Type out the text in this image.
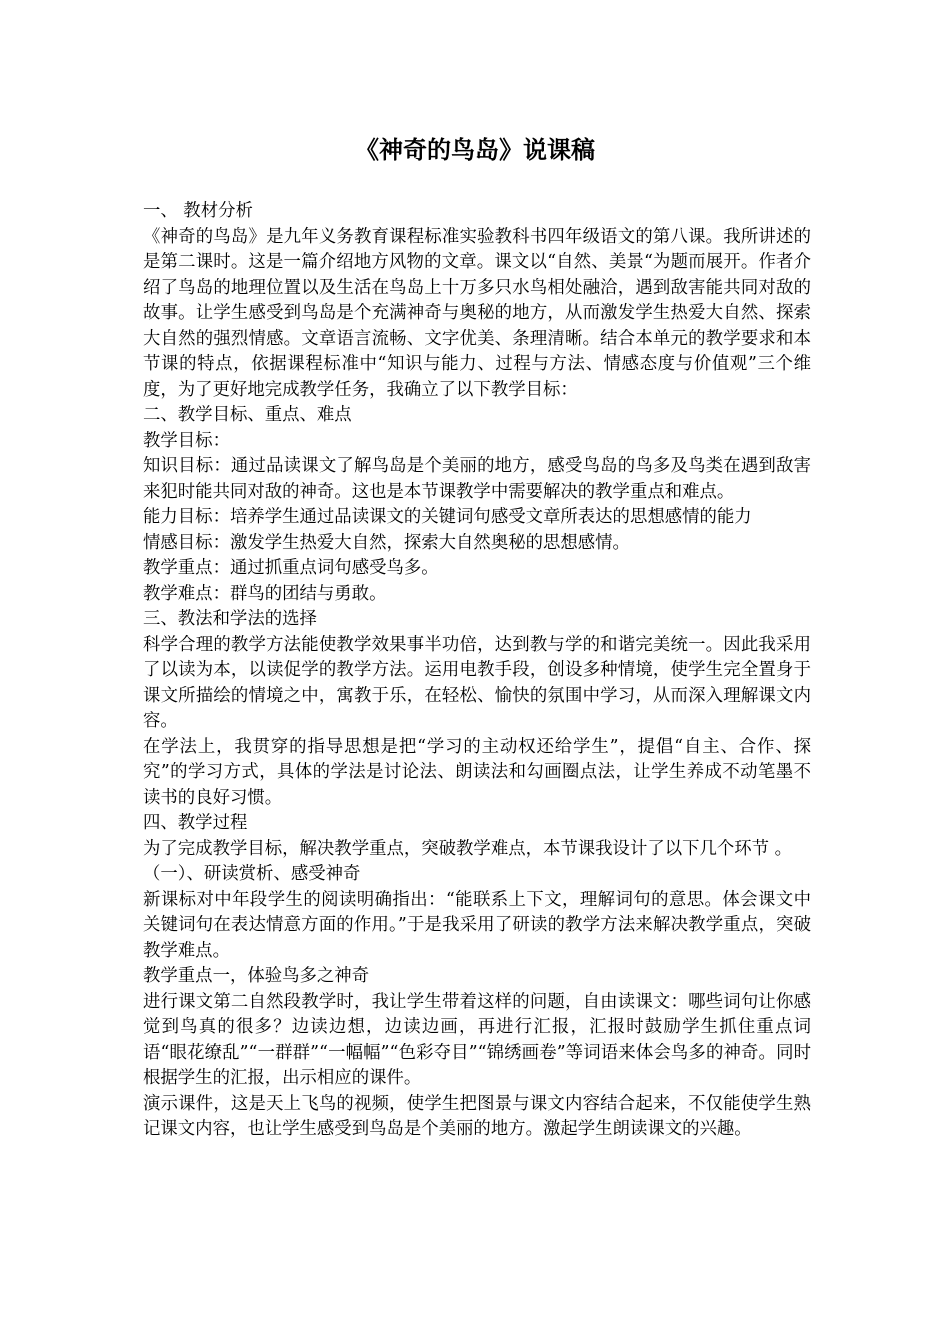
《神奇的鸟岛》说课稿

一、 教材分析

《神奇的鸟岛》是九年义务教育课程标准实验教科书四年级语文的第八课。我所讲述的是第二课时。这是一篇介绍地方风物的文章。课文以“自然、美景“为题而展开。作者介绍了鸟岛的地理位置以及生活在鸟岛上十万多只水鸟相处融洽，遇到敌害能共同对敌的故事。让学生感受到鸟岛是个充满神奇与奥秘的地方，从而激发学生热爱大自然、探索大自然的强烈情感。文章语言流畅、文字优美、条理清晰。结合本单元的教学要求和本节课的特点，依据课程标准中“知识与能力、过程与方法、情感态度与价值观”三个维度，为了更好地完成教学任务，我确立了以下教学目标：

二、教学目标、重点、难点

教学目标：

知识目标：通过品读课文了解鸟岛是个美丽的地方，感受鸟岛的鸟多及鸟类在遇到敌害来犯时能共同对敌的神奇。这也是本节课教学中需要解决的教学重点和难点。

能力目标：培养学生通过品读课文的关键词句感受文章所表达的思想感情的能力

情感目标：激发学生热爱大自然，探索大自然奥秘的思想感情。

教学重点：通过抓重点词句感受鸟多。

教学难点：群鸟的团结与勇敢。

三、教法和学法的选择

科学合理的教学方法能使教学效果事半功倍，达到教与学的和谐完美统一。因此我采用了以读为本，以读促学的教学方法。运用电教手段，创设多种情境，使学生完全置身于课文所描绘的情境之中，寓教于乐，在轻松、愉快的氛围中学习，从而深入理解课文内容。

在学法上，我贯穿的指导思想是把“学习的主动权还给学生”，提倡“自主、合作、探究”的学习方式，具体的学法是讨论法、朗读法和勾画圈点法，让学生养成不动笔墨不读书的良好习惯。

四、教学过程

为了完成教学目标，解决教学重点，突破教学难点，本节课我设计了以下几个环节 。

（一）、研读赏析、感受神奇

新课标对中年段学生的阅读明确指出：“能联系上下文，理解词句的意思。体会课文中关键词句在表达情意方面的作用。”于是我采用了研读的教学方法来解决教学重点，突破教学难点。

教学重点一，体验鸟多之神奇

进行课文第二自然段教学时，我让学生带着这样的问题，自由读课文：哪些词句让你感觉到鸟真的很多？边读边想，边读边画，再进行汇报，汇报时鼓励学生抓住重点词语“眼花缭乱”“一群群”“一幅幅”“色彩夺目”“锦绣画卷”等词语来体会鸟多的神奇。同时根据学生的汇报，出示相应的课件。

演示课件，这是天上飞鸟的视频，使学生把图景与课文内容结合起来，不仅能使学生熟记课文内容，也让学生感受到鸟岛是个美丽的地方。激起学生朗读课文的兴趣。
